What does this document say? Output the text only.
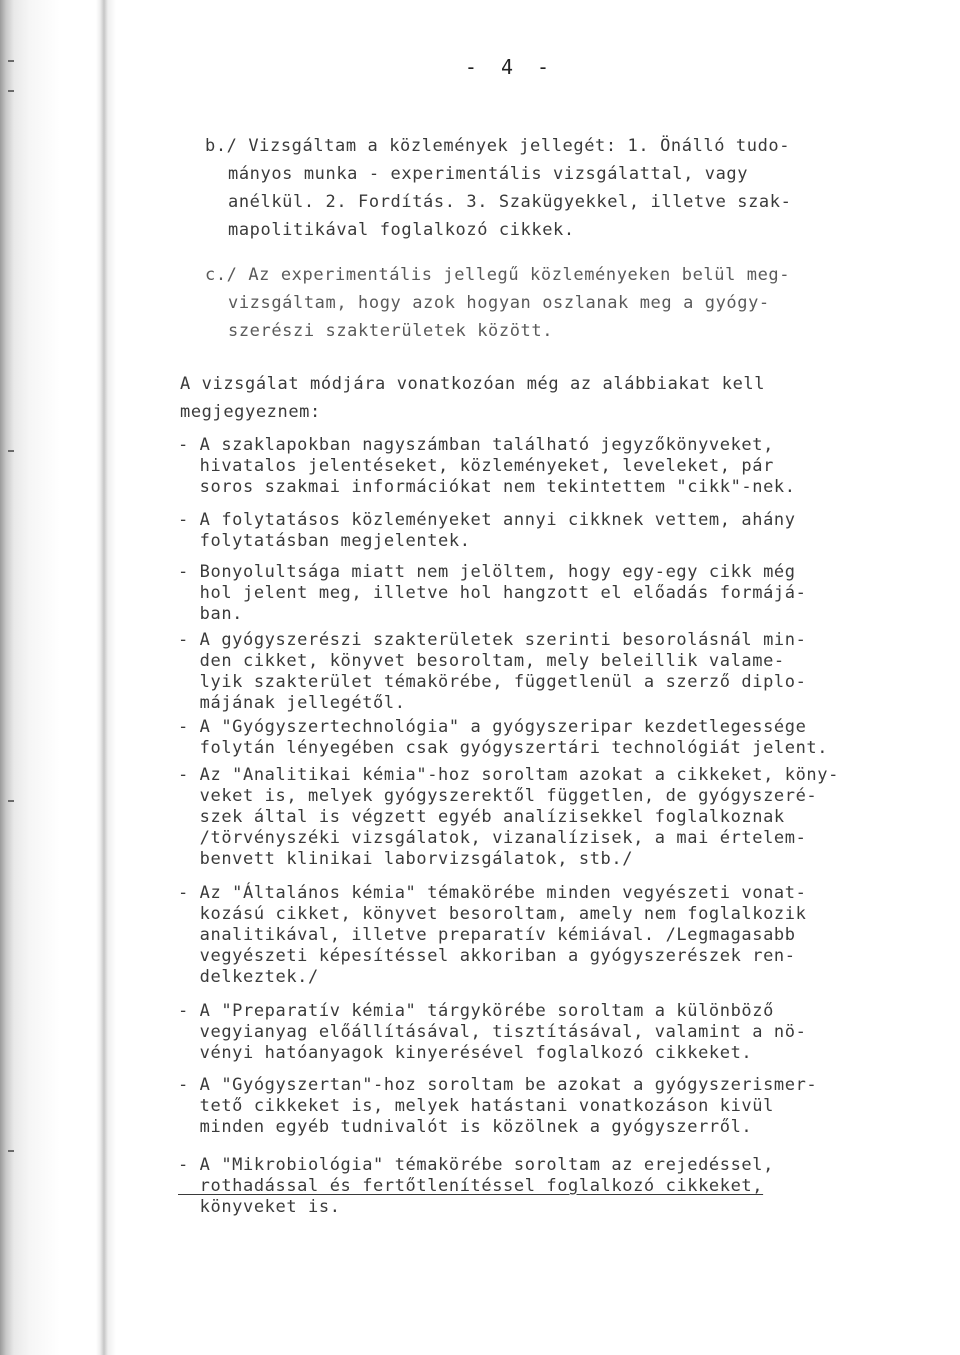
- 4 -

b./ Vizsgáltam a közlemények jellegét: 1. Önálló tudo-

mányos munka - experimentális vizsgálattal, vagy

anélkül. 2. Fordítás. 3. Szakügyekkel, illetve szak-

mapolitikával foglalkozó cikkek.

c./ Az experimentális jellegű közleményeken belül meg-

vizsgáltam, hogy azok hogyan oszlanak meg a gyógy-

szerészi szakterületek között.

A vizsgálat módjára vonatkozóan még az alábbiakat kell

megjegyeznem:

- A szaklapokban nagyszámban található jegyzőkönyveket,

hivatalos jelentéseket, közleményeket, leveleket, pár

soros szakmai információkat nem tekintettem "cikk"-nek.

- A folytatásos közleményeket annyi cikknek vettem, ahány

folytatásban megjelentek.

- Bonyolultsága miatt nem jelöltem, hogy egy-egy cikk még

hol jelent meg, illetve hol hangzott el előadás formájá-

ban.

- A gyógyszerészi szakterületek szerinti besorolásnál min-

den cikket, könyvet besoroltam, mely beleillik valame-

lyik szakterület témakörébe, függetlenül a szerző diplo-

májának jellegétől.

- A "Gyógyszertechnológia" a gyógyszeripar kezdetlegessége

folytán lényegében csak gyógyszertári technológiát jelent.

- Az "Analitikai kémia"-hoz soroltam azokat a cikkeket, köny-

veket is, melyek gyógyszerektől független, de gyógyszeré-

szek által is végzett egyéb analízisekkel foglalkoznak

/törvényszéki vizsgálatok, vizanalízisek, a mai értelem-

benvett klinikai laborvizsgálatok, stb./

- Az "Általános kémia" témakörébe minden vegyészeti vonat-

kozású cikket, könyvet besoroltam, amely nem foglalkozik

analitikával, illetve preparatív kémiával. /Legmagasabb

vegyészeti képesítéssel akkoriban a gyógyszerészek ren-

delkeztek./

- A "Preparatív kémia" tárgykörébe soroltam a különböző

vegyianyag előállításával, tisztításával, valamint a nö-

vényi hatóanyagok kinyerésével foglalkozó cikkeket.

- A "Gyógyszertan"-hoz soroltam be azokat a gyógyszerismer-

tető cikkeket is, melyek hatástani vonatkozáson kivül

minden egyéb tudnivalót is közölnek a gyógyszerről.

- A "Mikrobiológia" témakörébe soroltam az erejedéssel,

rothadással és fertőtlenítéssel foglalkozó cikkeket,

könyveket is.
